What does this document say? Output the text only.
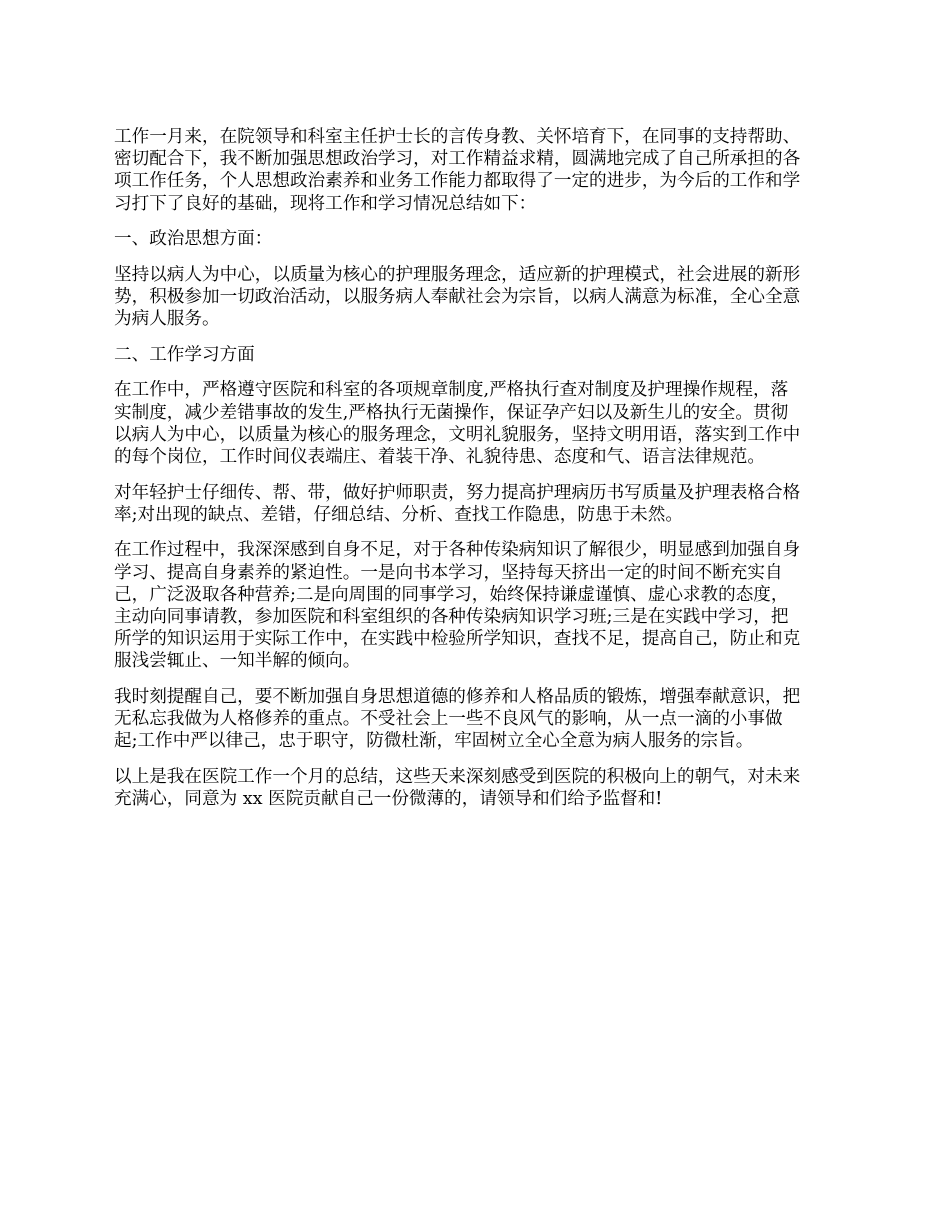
工作一月来，在院领导和科室主任护士长的言传身教、关怀培育下，在同事的支持帮助、
密切配合下，我不断加强思想政治学习，对工作精益求精，圆满地完成了自己所承担的各
项工作任务，个人思想政治素养和业务工作能力都取得了一定的进步，为今后的工作和学
习打下了良好的基础，现将工作和学习情况总结如下：
一、政治思想方面：
坚持以病人为中心，以质量为核心的护理服务理念，适应新的护理模式，社会进展的新形
势，积极参加一切政治活动，以服务病人奉献社会为宗旨，以病人满意为标准，全心全意
为病人服务。
二、工作学习方面
在工作中，严格遵守医院和科室的各项规章制度,严格执行查对制度及护理操作规程，落
实制度，减少差错事故的发生,严格执行无菌操作，保证孕产妇以及新生儿的安全。贯彻
以病人为中心，以质量为核心的服务理念，文明礼貌服务，坚持文明用语，落实到工作中
的每个岗位，工作时间仪表端庄、着装干净、礼貌待患、态度和气、语言法律规范。
对年轻护士仔细传、帮、带，做好护师职责，努力提高护理病历书写质量及护理表格合格
率;对出现的缺点、差错，仔细总结、分析、查找工作隐患，防患于未然。
在工作过程中，我深深感到自身不足，对于各种传染病知识了解很少，明显感到加强自身
学习、提高自身素养的紧迫性。一是向书本学习，坚持每天挤出一定的时间不断充实自
己，广泛汲取各种营养;二是向周围的同事学习，始终保持谦虚谨慎、虚心求教的态度，
主动向同事请教，参加医院和科室组织的各种传染病知识学习班;三是在实践中学习，把
所学的知识运用于实际工作中，在实践中检验所学知识，查找不足，提高自己，防止和克
服浅尝辄止、一知半解的倾向。
我时刻提醒自己，要不断加强自身思想道德的修养和人格品质的锻炼，增强奉献意识，把
无私忘我做为人格修养的重点。不受社会上一些不良风气的影响，从一点一滴的小事做
起;工作中严以律己，忠于职守，防微杜渐，牢固树立全心全意为病人服务的宗旨。
以上是我在医院工作一个月的总结，这些天来深刻感受到医院的积极向上的朝气，对未来
充满心，同意为 xx 医院贡献自己一份微薄的，请领导和们给予监督和!
